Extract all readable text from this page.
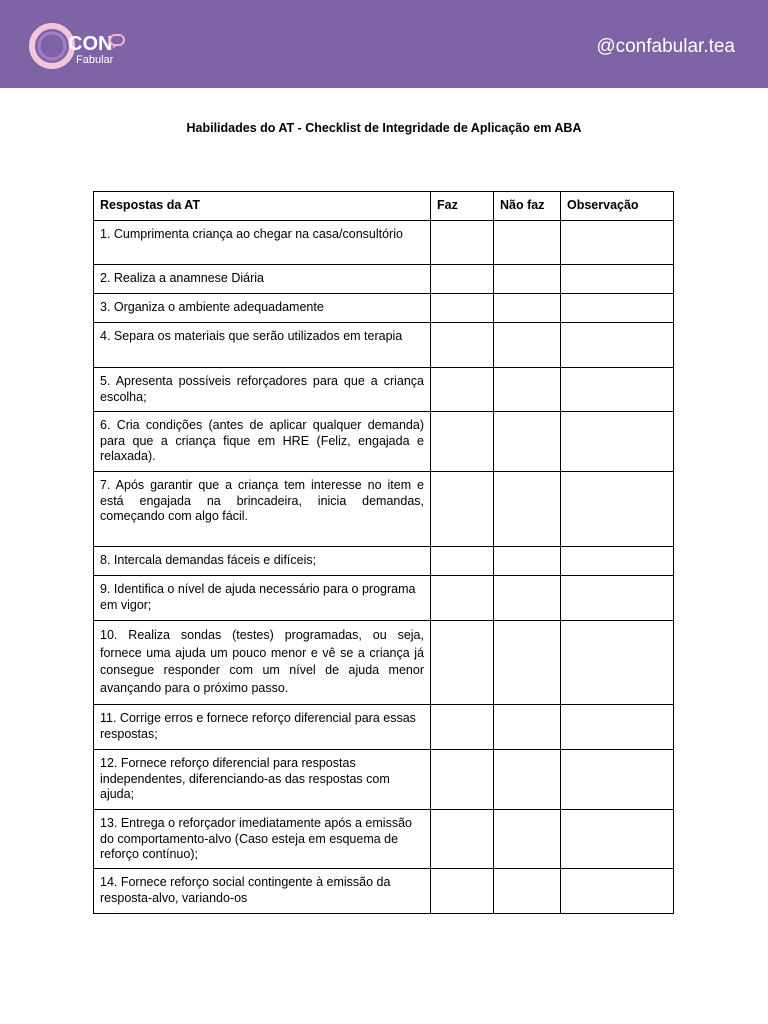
CON
Fabular
@confabular.tea
Habilidades do AT - Checklist de Integridade de Aplicação em ABA
Respostas da AT	Faz	Não faz	Observação
1. Cumprimenta criança ao chegar na casa/consultório			
2. Realiza a anamnese Diária			
3. Organiza o ambiente adequadamente			
4. Separa os materiais que serão utilizados em terapia			
5. Apresenta possíveis reforçadores para que a criança escolha;			
6. Cria condições (antes de aplicar qualquer demanda) para que a criança fique em HRE (Feliz, engajada e relaxada).			
7. Após garantir que a criança tem interesse no item e está engajada na brincadeira, inicia demandas, começando com algo fácil.			
8. Intercala demandas fáceis e difíceis;			
9. Identifica o nível de ajuda necessário para o programa em vigor;			
10. Realiza sondas (testes) programadas, ou seja, fornece uma ajuda um pouco menor e vê se a criança já consegue responder com um nível de ajuda menor avançando para o próximo passo.			
11. Corrige erros e fornece reforço diferencial para essas respostas;			
12. Fornece reforço diferencial para respostas independentes, diferenciando-as das respostas com ajuda;			
13. Entrega o reforçador imediatamente após a emissão do comportamento-alvo (Caso esteja em esquema de reforço contínuo);			
14. Fornece reforço social contingente à emissão da resposta-alvo, variando-os			
